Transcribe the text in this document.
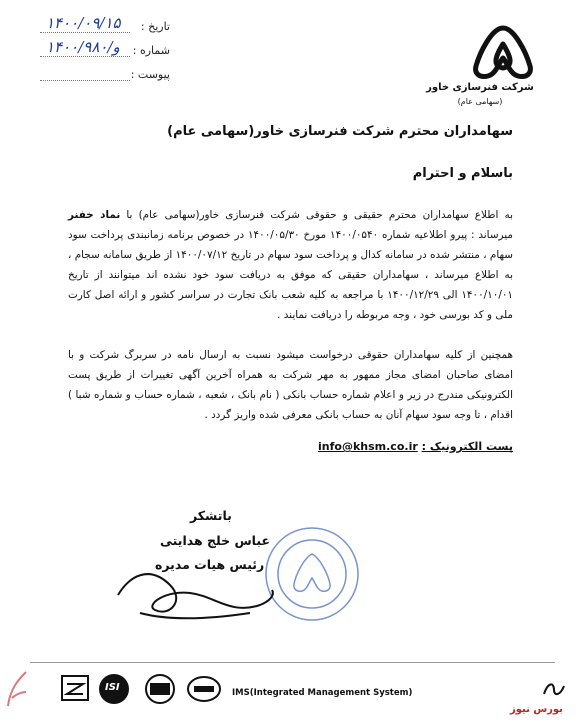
تاریخ :
۱۴۰۰/۰۹/۱۵
شماره :
۱۴۰۰/و/۹۸۰
پیوست :
شرکت فنرسازی خاور
(سهامی عام)
سهامداران محترم شرکت فنرسازی خاور(سهامی عام)
باسلام و احترام
به اطلاع سهامداران محترم حقیقی و حقوقی شرکت فنرسازی خاور(سهامی عام) با نماد خفنر میرساند : پیرو اطلاعیه شماره ۱۴۰۰/۰۵۴۰ مورخ ۱۴۰۰/۰۵/۳۰ در خصوص برنامه زمانبندی پرداخت سود سهام ، منتشر شده در سامانه کدال و پرداخت سود سهام در تاریخ ۱۴۰۰/۰۷/۱۲ از طریق سامانه سجام ، به اطلاع میرساند ، سهامداران حقیقی که موفق به دریافت سود خود نشده اند میتوانند از تاریخ ۱۴۰۰/۱۰/۰۱ الی ۱۴۰۰/۱۲/۲۹ با مراجعه به کلیه شعب بانک تجارت در سراسر کشور و ارائه اصل کارت ملی و کد بورسی خود ، وجه مربوطه را دریافت نمایند .
همچنین از کلیه سهامداران حقوقی درخواست میشود نسبت به ارسال نامه در سربرگ شرکت و با امضای صاحبان امضای مجاز ممهور به مهر شرکت به همراه آخرین آگهی تغییرات از طریق پست الکترونیکی مندرج در زیر و اعلام شماره حساب بانکی ( نام بانک ، شعبه ، شماره حساب و شماره شبا ) اقدام ، تا وجه سود سهام آنان به حساب بانکی معرفی شده واریز گردد .
پست الکترونیک : info@khsm.co.ir
باتشکر
عباس خلج هدایتی
رئیس هیات مدیره
ISI	IMS(Integrated Management System)
بورس نیوز
